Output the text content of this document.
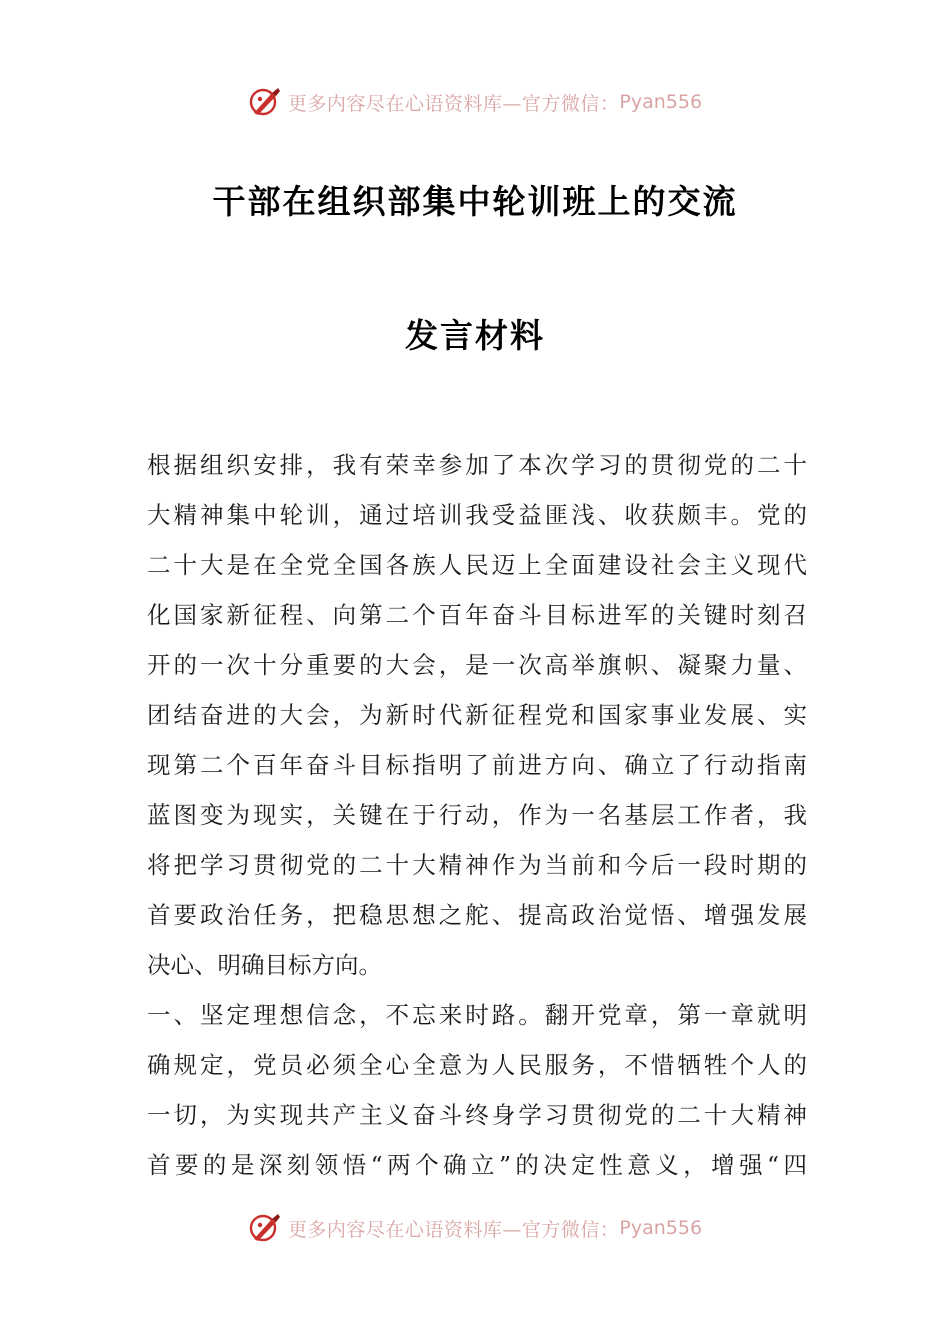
更多内容尽在心语资料库—官方微信： Pyan556
干部在组织部集中轮训班上的交流
发言材料
根据组织安排，我有荣幸参加了本次学习的贯彻党的二十
大精神集中轮训，通过培训我受益匪浅、收获颇丰。党的
二十大是在全党全国各族人民迈上全面建设社会主义现代
化国家新征程、向第二个百年奋斗目标进军的关键时刻召
开的一次十分重要的大会，是一次高举旗帜、凝聚力量、
团结奋进的大会，为新时代新征程党和国家事业发展、实
现第二个百年奋斗目标指明了前进方向、确立了行动指南
蓝图变为现实，关键在于行动，作为一名基层工作者，我
将把学习贯彻党的二十大精神作为当前和今后一段时期的
首要政治任务，把稳思想之舵、提高政治觉悟、增强发展
决心、明确目标方向。
一、坚定理想信念，不忘来时路。翻开党章，第一章就明
确规定，党员必须全心全意为人民服务，不惜牺牲个人的
一切，为实现共产主义奋斗终身学习贯彻党的二十大精神
首要的是深刻领悟“两个确立”的决定性意义，增强“四
更多内容尽在心语资料库—官方微信： Pyan556
